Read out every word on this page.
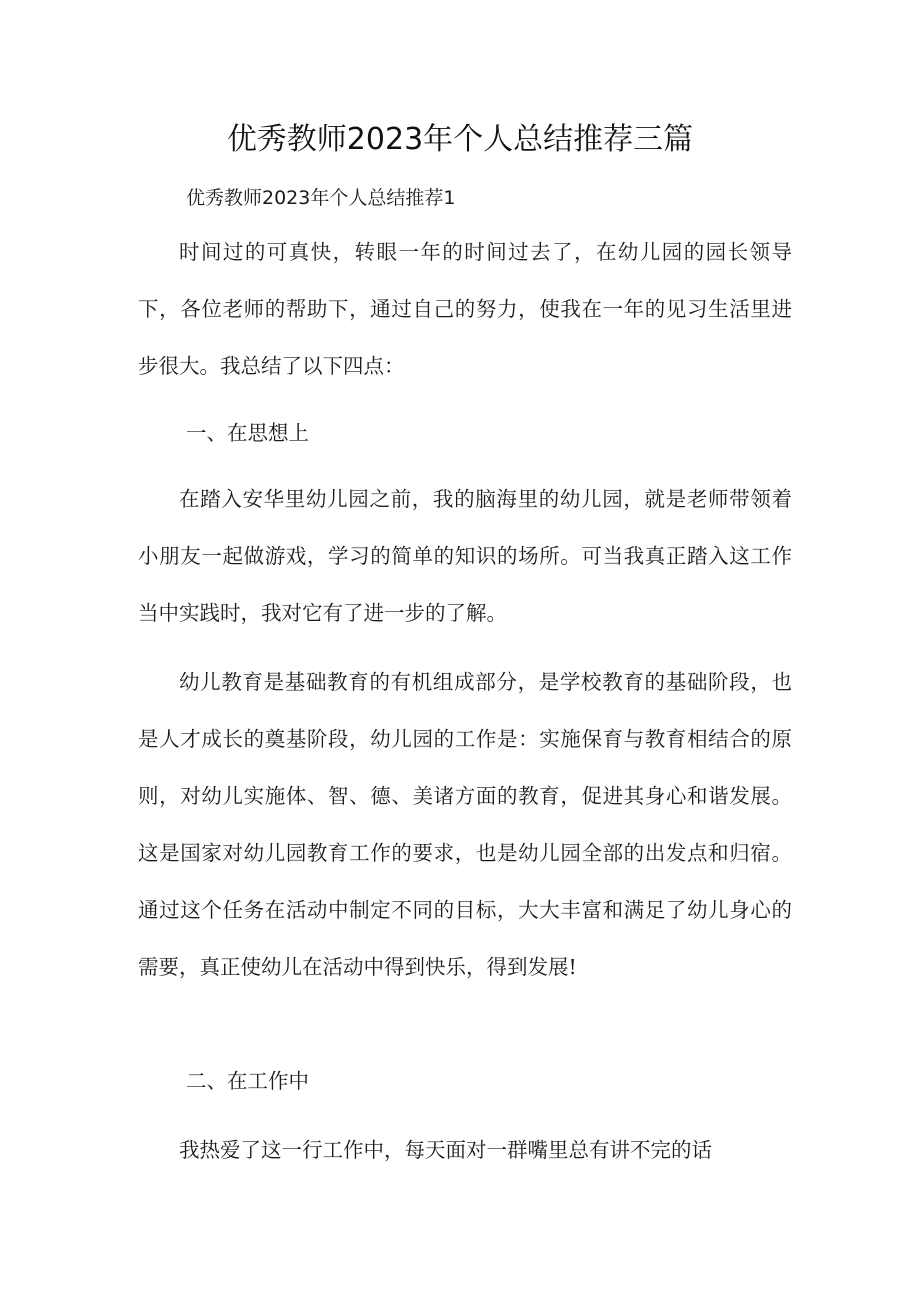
优秀教师2023年个人总结推荐三篇
优秀教师2023年个人总结推荐1

时间过的可真快，转眼一年的时间过去了，在幼儿园的园长领导下，各位老师的帮助下，通过自己的努力，使我在一年的见习生活里进步很大。我总结了以下四点：

一、在思想上

在踏入安华里幼儿园之前，我的脑海里的幼儿园，就是老师带领着小朋友一起做游戏，学习的简单的知识的场所。可当我真正踏入这工作当中实践时，我对它有了进一步的了解。

幼儿教育是基础教育的有机组成部分，是学校教育的基础阶段，也是人才成长的奠基阶段，幼儿园的工作是：实施保育与教育相结合的原则，对幼儿实施体、智、德、美诸方面的教育，促进其身心和谐发展。这是国家对幼儿园教育工作的要求，也是幼儿园全部的出发点和归宿。通过这个任务在活动中制定不同的目标，大大丰富和满足了幼儿身心的需要，真正使幼儿在活动中得到快乐，得到发展!

二、在工作中

我热爱了这一行工作中，每天面对一群嘴里总有讲不完的话
